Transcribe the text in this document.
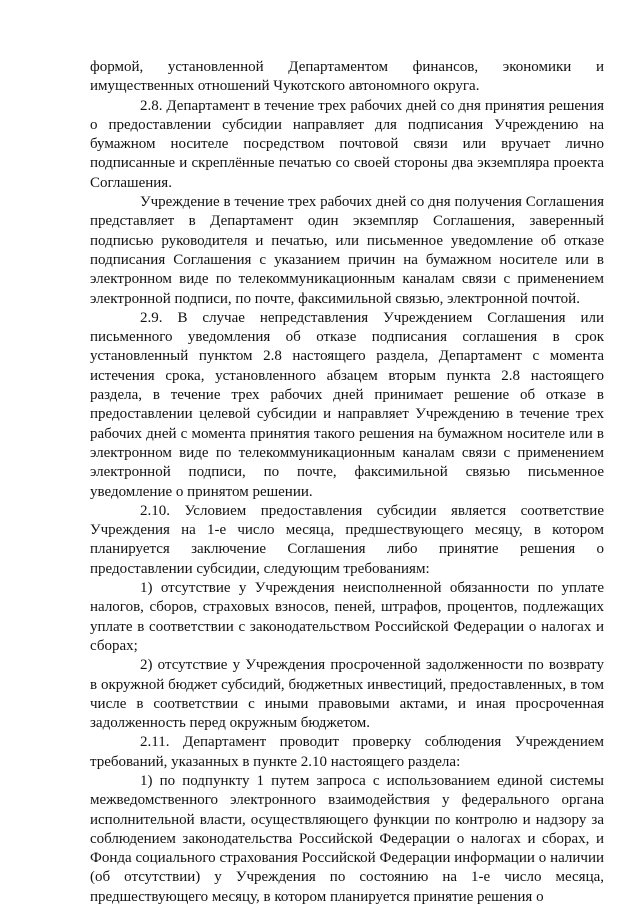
формой, установленной Департаментом финансов, экономики и имущественных отношений Чукотского автономного округа.

2.8. Департамент в течение трех рабочих дней со дня принятия решения о предоставлении субсидии направляет для подписания Учреждению на бумажном носителе посредством почтовой связи или вручает лично подписанные и скреплённые печатью со своей стороны два экземпляра проекта Соглашения.

Учреждение в течение трех рабочих дней со дня получения Соглашения представляет в Департамент один экземпляр Соглашения, заверенный подписью руководителя и печатью, или письменное уведомление об отказе подписания Соглашения с указанием причин на бумажном носителе или в электронном виде по телекоммуникационным каналам связи с применением электронной подписи, по почте, факсимильной связью, электронной почтой.

2.9. В случае непредставления Учреждением Соглашения или письменного уведомления об отказе подписания соглашения в срок установленный пунктом 2.8 настоящего раздела, Департамент с момента истечения срока, установленного абзацем вторым пункта 2.8 настоящего раздела, в течение трех рабочих дней принимает решение об отказе в предоставлении целевой субсидии и направляет Учреждению в течение трех рабочих дней с момента принятия такого решения на бумажном носителе или в электронном виде по телекоммуникационным каналам связи с применением электронной подписи, по почте, факсимильной связью письменное уведомление о принятом решении.

2.10. Условием предоставления субсидии является соответствие Учреждения на 1-е число месяца, предшествующего месяцу, в котором планируется заключение Соглашения либо принятие решения о предоставлении субсидии, следующим требованиям:

1) отсутствие у Учреждения неисполненной обязанности по уплате налогов, сборов, страховых взносов, пеней, штрафов, процентов, подлежащих уплате в соответствии с законодательством Российской Федерации о налогах и сборах;

2) отсутствие у Учреждения просроченной задолженности по возврату в окружной бюджет субсидий, бюджетных инвестиций, предоставленных, в том числе в соответствии с иными правовыми актами, и иная просроченная задолженность перед окружным бюджетом.

2.11. Департамент проводит проверку соблюдения Учреждением требований, указанных в пункте 2.10 настоящего раздела:

1) по подпункту 1 путем запроса с использованием единой системы межведомственного электронного взаимодействия у федерального органа исполнительной власти, осуществляющего функции по контролю и надзору за соблюдением законодательства Российской Федерации о налогах и сборах, и Фонда социального страхования Российской Федерации информации о наличии (об отсутствии) у Учреждения по состоянию на 1-е число месяца, предшествующего месяцу, в котором планируется принятие решения о
